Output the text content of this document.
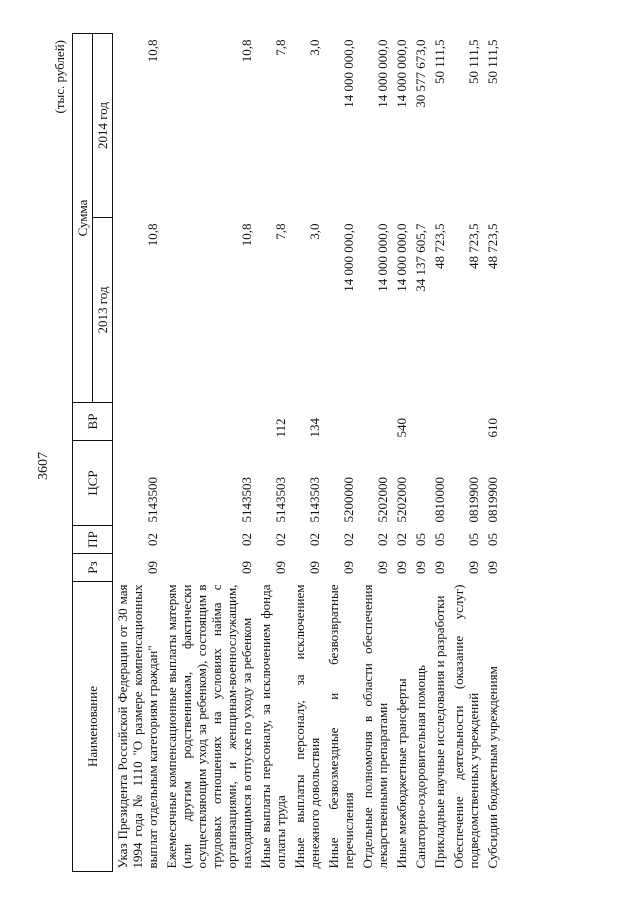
3607
(тыс. рублей)
Наименование	Рз	ПР	ЦСР	ВР	Сумма	
					2013 год	2014 год
Указ Президента Российской Федерации от 30 мая 1994 года № 1110 "О размере компенсационных выплат отдельным категориям граждан"	09	02	5143500		10,8	10,8
Ежемесячные компенсационные выплаты матерям (или другим родственникам, фактически осуществляющим уход за ребенком), состоящим в трудовых отношениях на условиях найма с организациями, и женщинам-военнослужащим, находящимся в отпуске по уходу за ребенком	09	02	5143503		10,8	10,8
Иные выплаты персоналу, за исключением фонда оплаты труда	09	02	5143503	112	7,8	7,8
Иные выплаты персоналу, за исключением денежного довольствия	09	02	5143503	134	3,0	3,0
Иные безвозмездные и безвозвратные перечисления	09	02	5200000		14 000 000,0	14 000 000,0
Отдельные полномочия в области обеспечения лекарственными препаратами	09	02	5202000		14 000 000,0	14 000 000,0
Иные межбюджетные трансферты	09	02	5202000	540	14 000 000,0	14 000 000,0
Санаторно-оздоровительная помощь	09	05			34 137 605,7	30 577 673,0
Прикладные научные исследования и разработки	09	05	0810000		48 723,5	50 111,5
Обеспечение деятельности (оказание услуг) подведомственных учреждений	09	05	0819900		48 723,5	50 111,5
Субсидии бюджетным учреждениям	09	05	0819900	610	48 723,5	50 111,5
